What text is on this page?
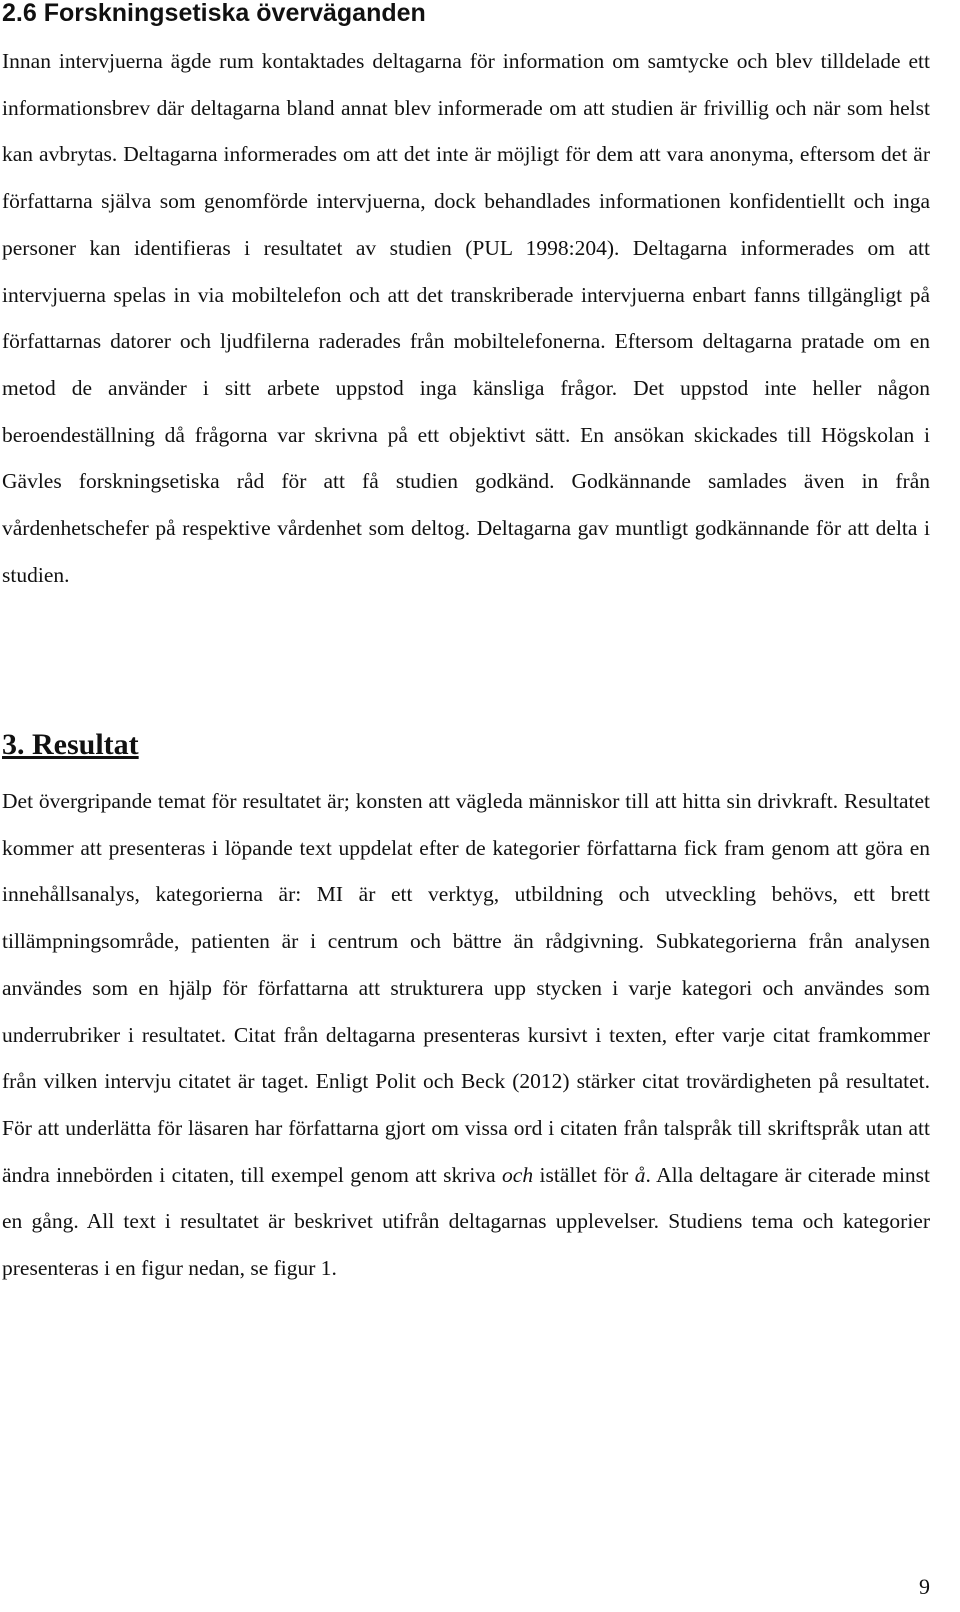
2.6 Forskningsetiska överväganden

Innan intervjuerna ägde rum kontaktades deltagarna för information om samtycke och blev tilldelade ett informationsbrev där deltagarna bland annat blev informerade om att studien är frivillig och när som helst kan avbrytas. Deltagarna informerades om att det inte är möjligt för dem att vara anonyma, eftersom det är författarna själva som genomförde intervjuerna, dock behandlades informationen konfidentiellt och inga personer kan identifieras i resultatet av studien (PUL 1998:204). Deltagarna informerades om att intervjuerna spelas in via mobiltelefon och att det transkriberade intervjuerna enbart fanns tillgängligt på författarnas datorer och ljudfilerna raderades från mobiltelefonerna. Eftersom deltagarna pratade om en metod de använder i sitt arbete uppstod inga känsliga frågor. Det uppstod inte heller någon beroendeställning då frågorna var skrivna på ett objektivt sätt. En ansökan skickades till Högskolan i Gävles forskningsetiska råd för att få studien godkänd. Godkännande samlades även in från vårdenhetschefer på respektive vårdenhet som deltog. Deltagarna gav muntligt godkännande för att delta i studien.

3. Resultat

Det övergripande temat för resultatet är; konsten att vägleda människor till att hitta sin drivkraft. Resultatet kommer att presenteras i löpande text uppdelat efter de kategorier författarna fick fram genom att göra en innehållsanalys, kategorierna är: MI är ett verktyg, utbildning och utveckling behövs, ett brett tillämpningsområde, patienten är i centrum och bättre än rådgivning. Subkategorierna från analysen användes som en hjälp för författarna att strukturera upp stycken i varje kategori och användes som underrubriker i resultatet. Citat från deltagarna presenteras kursivt i texten, efter varje citat framkommer från vilken intervju citatet är taget. Enligt Polit och Beck (2012) stärker citat trovärdigheten på resultatet. För att underlätta för läsaren har författarna gjort om vissa ord i citaten från talspråk till skriftspråk utan att ändra innebörden i citaten, till exempel genom att skriva och istället för å. Alla deltagare är citerade minst en gång. All text i resultatet är beskrivet utifrån deltagarnas upplevelser. Studiens tema och kategorier presenteras i en figur nedan, se figur 1.

9
